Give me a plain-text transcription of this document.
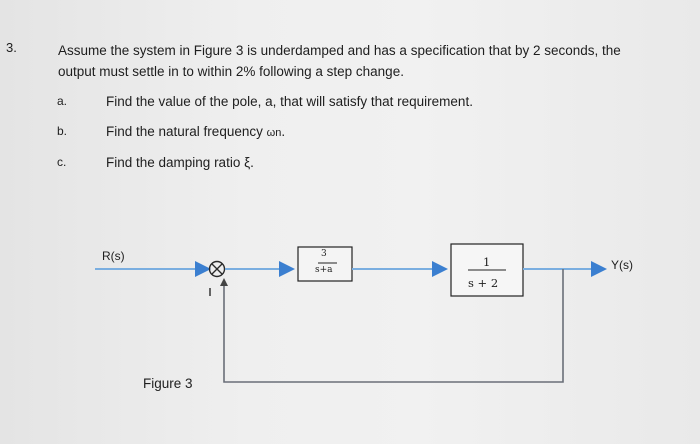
3.	Assume the system in Figure 3 is underdamped and has a specification that by 2 seconds, the
output must settle in to within 2% following a step change.
a.	Find the value of the pole, a, that will satisfy that requirement.
b.	Find the natural frequency ωn.
c.	Find the damping ratio ξ.
3
s+a
1
s + 2
R(s)
Y(s)
Figure 3
